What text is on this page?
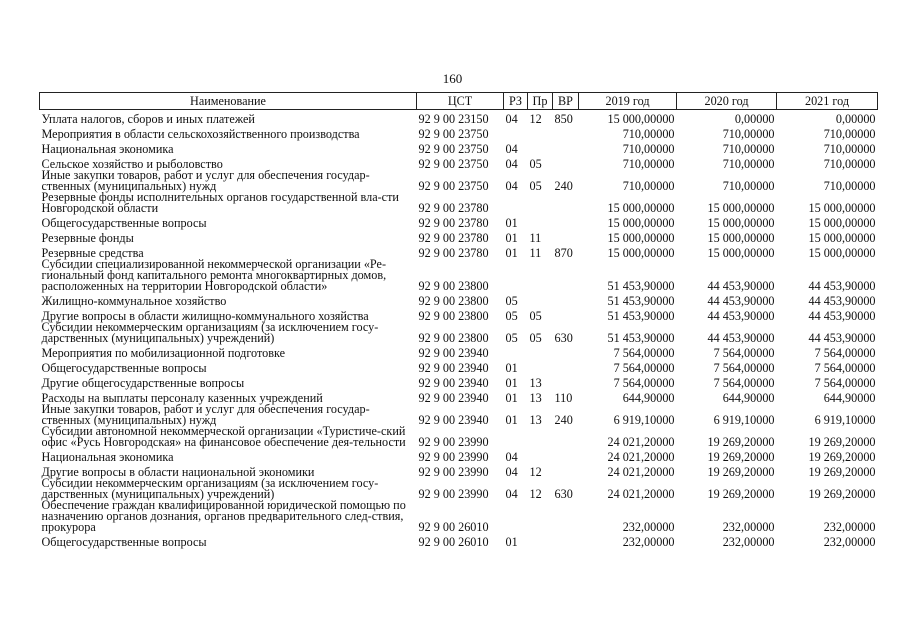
160
Наименование	ЦСТ	РЗ	Пр	ВР	2019 год	2020 год	2021 год
Уплата налогов, сборов и иных платежей	92 9 00 23150	04	12	850	15 000,00000	0,00000	0,00000
Мероприятия в области сельскохозяйственного производства	92 9 00 23750				710,00000	710,00000	710,00000
Национальная экономика	92 9 00 23750	04			710,00000	710,00000	710,00000
Сельское хозяйство и рыболовство	92 9 00 23750	04	05		710,00000	710,00000	710,00000
Иные закупки товаров, работ и услуг для обеспечения государ-ственных (муниципальных) нужд	92 9 00 23750	04	05	240	710,00000	710,00000	710,00000
Резервные фонды исполнительных органов государственной вла-сти Новгородской области	92 9 00 23780				15 000,00000	15 000,00000	15 000,00000
Общегосударственные вопросы	92 9 00 23780	01			15 000,00000	15 000,00000	15 000,00000
Резервные фонды	92 9 00 23780	01	11		15 000,00000	15 000,00000	15 000,00000
Резервные средства	92 9 00 23780	01	11	870	15 000,00000	15 000,00000	15 000,00000
Субсидии специализированной некоммерческой организации «Ре-гиональный фонд капитального ремонта многоквартирных домов, расположенных на территории Новгородской области»	92 9 00 23800				51 453,90000	44 453,90000	44 453,90000
Жилищно-коммунальное хозяйство	92 9 00 23800	05			51 453,90000	44 453,90000	44 453,90000
Другие вопросы в области жилищно-коммунального хозяйства	92 9 00 23800	05	05		51 453,90000	44 453,90000	44 453,90000
Субсидии некоммерческим организациям (за исключением госу-дарственных (муниципальных) учреждений)	92 9 00 23800	05	05	630	51 453,90000	44 453,90000	44 453,90000
Мероприятия по мобилизационной подготовке	92 9 00 23940				7 564,00000	7 564,00000	7 564,00000
Общегосударственные вопросы	92 9 00 23940	01			7 564,00000	7 564,00000	7 564,00000
Другие общегосударственные вопросы	92 9 00 23940	01	13		7 564,00000	7 564,00000	7 564,00000
Расходы на выплаты персоналу казенных учреждений	92 9 00 23940	01	13	110	644,90000	644,90000	644,90000
Иные закупки товаров, работ и услуг для обеспечения государ-ственных (муниципальных) нужд	92 9 00 23940	01	13	240	6 919,10000	6 919,10000	6 919,10000
Субсидии автономной некоммерческой организации «Туристиче-ский офис «Русь Новгородская» на финансовое обеспечение дея-тельности	92 9 00 23990				24 021,20000	19 269,20000	19 269,20000
Национальная экономика	92 9 00 23990	04			24 021,20000	19 269,20000	19 269,20000
Другие вопросы в области национальной экономики	92 9 00 23990	04	12		24 021,20000	19 269,20000	19 269,20000
Субсидии некоммерческим организациям (за исключением госу-дарственных (муниципальных) учреждений)	92 9 00 23990	04	12	630	24 021,20000	19 269,20000	19 269,20000
Обеспечение граждан квалифицированной юридической помощью по назначению органов дознания, органов предварительного след-ствия, прокурора	92 9 00 26010				232,00000	232,00000	232,00000
Общегосударственные вопросы	92 9 00 26010	01			232,00000	232,00000	232,00000
